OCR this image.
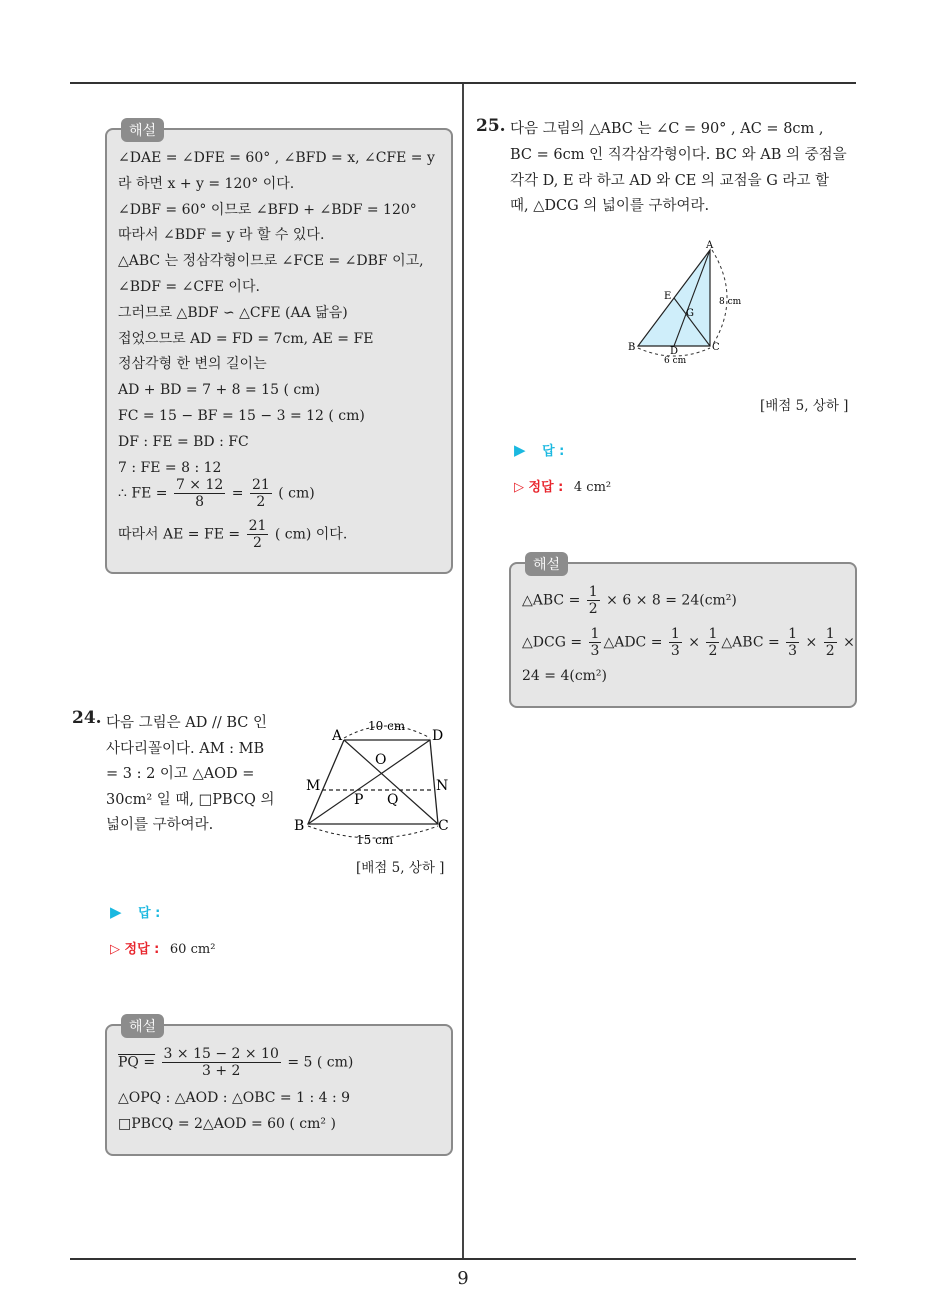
해설
∠DAE = ∠DFE = 60° , ∠BFD = x, ∠CFE = y
라 하면 x + y = 120° 이다.
∠DBF = 60° 이므로 ∠BFD + ∠BDF = 120°
따라서 ∠BDF = y 라 할 수 있다.
△ABC 는 정삼각형이므로 ∠FCE = ∠DBF 이고,
∠BDF = ∠CFE 이다.
그러므로 △BDF ∽ △CFE (AA 닮음)
접었으므로 AD = FD = 7cm, AE = FE
정삼각형 한 변의 길이는
AD + BD = 7 + 8 = 15 ( cm)
FC = 15 − BF = 15 − 3 = 12 ( cm)
DF : FE = BD : FC
7 : FE = 8 : 12
∴ FE = $\frac{7 \times 12}{8} = \frac{21}{2}$ ( cm)
따라서 AE = FE = $\frac{21}{2}$ ( cm) 이다.
24. 다음 그림은 AD // BC 인
사다리꼴이다. AM : MB
= 3 : 2 이고 △AOD =
30cm² 일 때, □PBCQ 의
넓이를 구하여라.
A	D
O
M	N
P Q
B	C
10 cm
15 cm
[배점 5, 상하 ]
▶ 답 :
▷ 정답 : 60 cm²
해설
PQ = $\frac{3 \times 15 - 2 \times 10}{3 + 2} = 5$ ( cm)
△OPQ : △AOD : △OBC = 1 : 4 : 9
□PBCQ = 2△AOD = 60 ( cm² )
25. 다음 그림의 △ABC 는 ∠C = 90° , AC = 8cm ,
BC = 6cm 인 직각삼각형이다. BC 와 AB 의 중점을
각각 D, E 라 하고 AD 와 CE 의 교점을 G 라고 할
때, △DCG 의 넓이를 구하여라.
A
E
G
B	D	C
8 cm
6 cm
[배점 5, 상하 ]
▶ 답 :
▷ 정답 : 4 cm²
해설
△ABC = $\frac{1}{2} \times 6 \times 8 = 24(cm^2)$
△DCG = $\frac{1}{3}$ △ADC = $\frac{1}{3} \times \frac{1}{2}$ △ABC = $\frac{1}{3} \times \frac{1}{2}$ ×
24 = 4(cm²)
9
